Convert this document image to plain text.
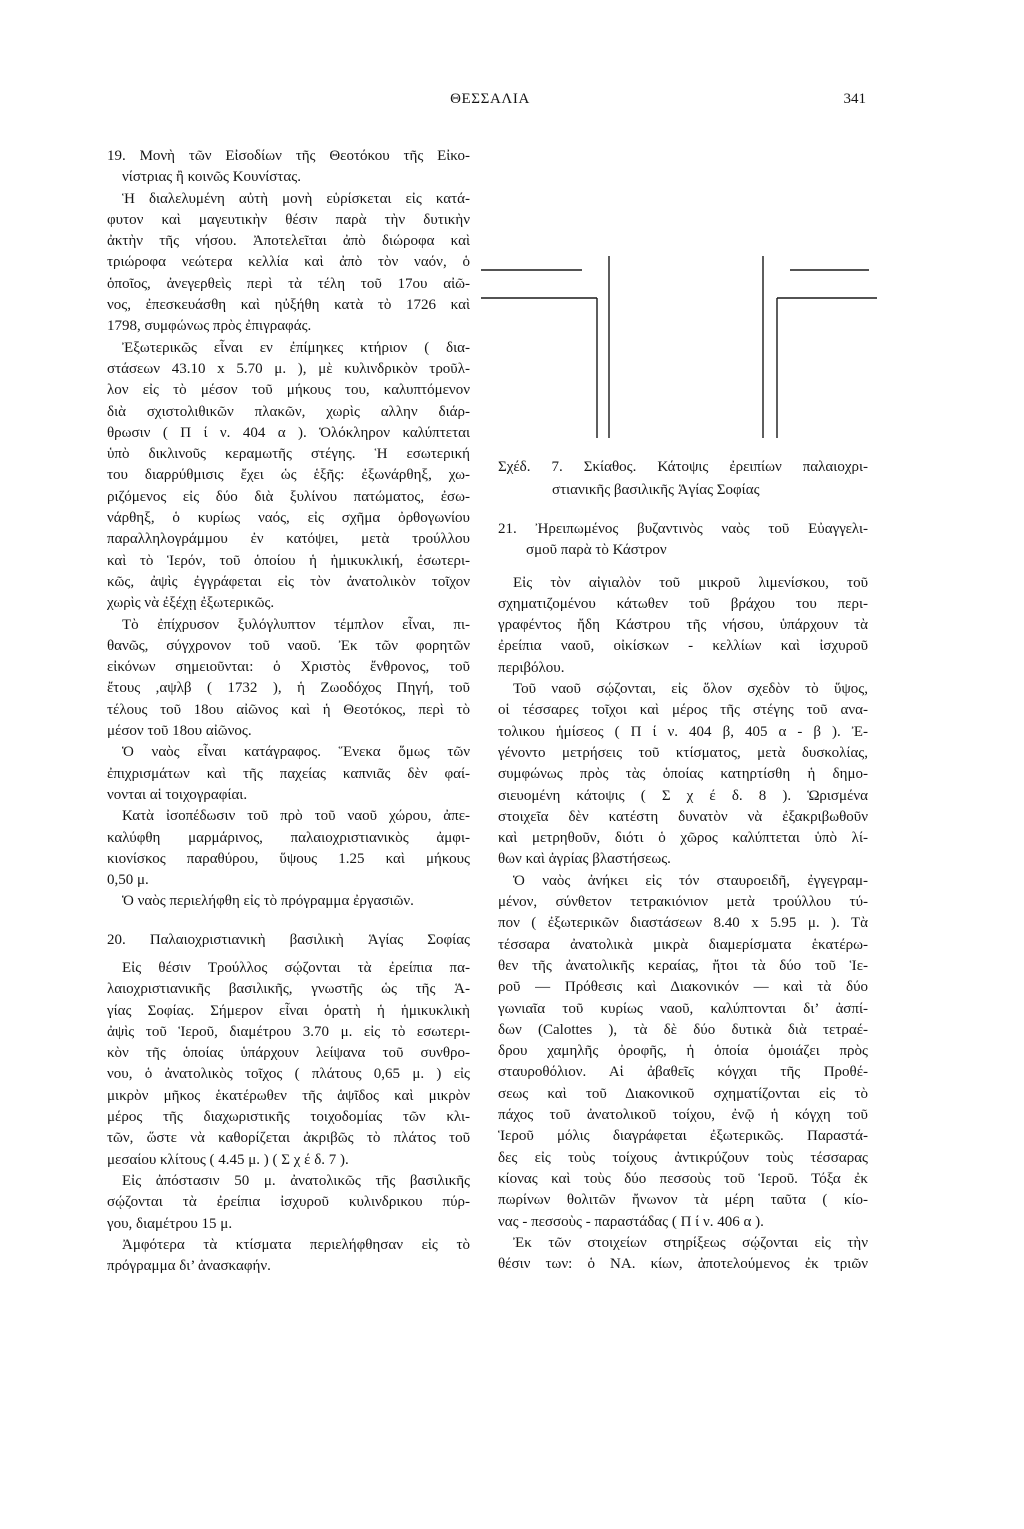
ΘΕΣΣΑΛΙΑ	341
19. Μονὴ τῶν Εἰσοδίων τῆς Θεοτόκου τῆς Εἰκο-
νίστριας ἢ κοινῶς Κουνίστας.
Ἡ διαλελυμένη αὐτὴ μονὴ εὑρίσκεται εἰς κατά-
φυτον καὶ μαγευτικὴν θέσιν παρὰ τὴν δυτικὴν
ἀκτὴν τῆς νήσου. Ἀποτελεῖται ἀπὸ διώροφα καὶ
τριώροφα νεώτερα κελλία καὶ ἀπὸ τὸν ναόν, ὁ
ὁποῖος, ἀνεγερθεὶς περὶ τὰ τέλη τοῦ 17ου αἰῶ-
νος, ἐπεσκευάσθη καὶ ηὐξήθη κατὰ τὸ 1726 καὶ
1798, συμφώνως πρὸς ἐπιγραφάς.
Ἐξωτερικῶς εἶναι εν ἐπίμηκες κτήριον ( δια-
στάσεων 43.10 x 5.70 μ. ), μὲ κυλινδρικὸν τροῦλ-
λον εἰς τὸ μέσον τοῦ μήκους του, καλυπτόμενον
διὰ σχιστολιθικῶν πλακῶν, χωρὶς αλλην διάρ-
θρωσιν ( Π ί ν. 404 α ). Ὁλόκληρον καλύπτεται
ὑπὸ δικλινοῦς κεραμωτῆς στέγης. Ἡ εσωτερική
του διαρρύθμισις ἔχει ὡς ἑξῆς: ἐξωνάρθηξ, χω-
ριζόμενος εἰς δύο διὰ ξυλίνου πατώματος, ἐσω-
νάρθηξ, ὁ κυρίως ναός, εἰς σχῆμα ὀρθογωνίου
παραλληλογράμμου ἐν κατόψει, μετὰ τρούλλου
καὶ τὸ Ἱερόν, τοῦ ὁποίου ἡ ἡμικυκλική, ἐσωτερι-
κῶς, ἀψὶς ἐγγράφεται εἰς τὸν ἀνατολικὸν τοῖχον
χωρὶς νὰ ἐξέχῃ ἐξωτερικῶς.
Τὸ ἐπίχρυσον ξυλόγλυπτον τέμπλον εἶναι, πι-
θανῶς, σύγχρονον τοῦ ναοῦ. Ἐκ τῶν φορητῶν
εἰκόνων σημειοῦνται: ὁ Χριστὸς ἔνθρονος, τοῦ
ἔτους ,αψλβ ( 1732 ), ἡ Ζωοδόχος Πηγή, τοῦ
τέλους τοῦ 18ου αἰῶνος καὶ ἡ Θεοτόκος, περὶ τὸ
μέσον τοῦ 18ου αἰῶνος.
Ὁ ναὸς εἶναι κατάγραφος. Ἕνεκα ὅμως τῶν
ἐπιχρισμάτων καὶ τῆς παχείας καπνιᾶς δὲν φαί-
νονται αἱ τοιχογραφίαι.
Κατὰ ἰσοπέδωσιν τοῦ πρὸ τοῦ ναοῦ χώρου, ἀπε-
καλύφθη μαρμάρινος, παλαιοχριστιανικὸς ἀμφι-
κιονίσκος παραθύρου, ὕψους 1.25 καὶ μήκους
0,50 μ.
Ὁ ναὸς περιελήφθη εἰς τὸ πρόγραμμα ἐργασιῶν.
20. Παλαιοχριστιανικὴ βασιλικὴ Ἁγίας Σοφίας
Εἰς θέσιν Τρούλλος σῴζονται τὰ ἐρείπια πα-
λαιοχριστιανικῆς βασιλικῆς, γνωστῆς ὡς τῆς Ἁ-
γίας Σοφίας. Σήμερον εἶναι ὁρατὴ ἡ ἡμικυκλικὴ
ἀψὶς τοῦ Ἱεροῦ, διαμέτρου 3.70 μ. εἰς τὸ εσωτερι-
κὸν τῆς ὁποίας ὑπάρχουν λείψανα τοῦ συνθρο-
νου, ὁ ἀνατολικὸς τοῖχος ( πλάτους 0,65 μ. ) εἰς
μικρὸν μῆκος ἑκατέρωθεν τῆς ἁψῖδος καὶ μικρὸν
μέρος τῆς διαχωριστικῆς τοιχοδομίας τῶν κλι-
τῶν, ὥστε νὰ καθορίζεται ἀκριβῶς τὸ πλάτος τοῦ
μεσαίου κλίτους ( 4.45 μ. ) ( Σ χ έ δ. 7 ).
Εἰς ἀπόστασιν 50 μ. ἀνατολικῶς τῆς βασιλικῆς
σῴζονται τὰ ἐρείπια ἰσχυροῦ κυλινδρικου πύρ-
γου, διαμέτρου 15 μ.
Ἀμφότερα τὰ κτίσματα περιελήφθησαν εἰς τὸ
πρόγραμμα δι’ ἀνασκαφήν.
Σχέδ. 7. Σκίαθος. Κάτοψις ἐρειπίων παλαιοχρι-
στιανικῆς βασιλικῆς Ἁγίας Σοφίας
21. Ἠρειπωμένος βυζαντινὸς ναὸς τοῦ Εὐαγγελι-
σμοῦ παρὰ τὸ Κάστρον
Εἰς τὸν αἰγιαλὸν τοῦ μικροῦ λιμενίσκου, τοῦ
σχηματιζομένου κάτωθεν τοῦ βράχου του περι-
γραφέντος ἤδη Κάστρου τῆς νήσου, ὑπάρχουν τὰ
ἐρείπια ναοῦ, οἰκίσκων - κελλίων καὶ ἰσχυροῦ
περιβόλου.
Τοῦ ναοῦ σῴζονται, εἰς ὅλον σχεδὸν τὸ ὕψος,
οἱ τέσσαρες τοῖχοι καὶ μέρος τῆς στέγης τοῦ ανα-
τολικου ἡμίσεος ( Π ί ν. 404 β, 405 α - β ). Ἐ-
γένοντο μετρήσεις τοῦ κτίσματος, μετὰ δυσκολίας,
συμφώνως πρὸς τὰς ὁποίας κατηρτίσθη ἡ δημο-
σιευομένη κάτοψις ( Σ χ έ δ. 8 ). Ὡρισμένα
στοιχεῖα δὲν κατέστη δυνατὸν νὰ ἐξακριβωθοῦν
καὶ μετρηθοῦν, διότι ὁ χῶρος καλύπτεται ὑπὸ λί-
θων καὶ ἀγρίας βλαστήσεως.
Ὁ ναὸς ἀνήκει εἰς τόν σταυροειδῆ, ἐγγεγραμ-
μένον, σύνθετον τετρακιόνιον μετὰ τρούλλου τύ-
πον ( ἐξωτερικῶν διαστάσεων 8.40 x 5.95 μ. ). Τὰ
τέσσαρα ἀνατολικὰ μικρὰ διαμερίσματα ἑκατέρω-
θεν τῆς ἀνατολικῆς κεραίας, ἤτοι τὰ δύο τοῦ Ἱε-
ροῦ — Πρόθεσις καὶ Διακονικόν — καὶ τὰ δύο
γωνιαῖα τοῦ κυρίως ναοῦ, καλύπτονται δι’ ἀσπί-
δων (Calottes ), τὰ δὲ δύο δυτικὰ διὰ τετραέ-
δρου χαμηλῆς ὀροφῆς, ἡ ὁποία ὁμοιάζει πρὸς
σταυροθόλιον. Αἱ ἀβαθεῖς κόγχαι τῆς Προθέ-
σεως καὶ τοῦ Διακονικοῦ σχηματίζονται εἰς τὸ
πάχος τοῦ ἀνατολικοῦ τοίχου, ἐνῷ ἡ κόγχη τοῦ
Ἱεροῦ μόλις διαγράφεται ἐξωτερικῶς. Παραστά-
δες εἰς τοὺς τοίχους ἀντικρύζουν τοὺς τέσσαρας
κίονας καὶ τοὺς δύο πεσσοὺς τοῦ Ἱεροῦ. Τόξα ἐκ
πωρίνων θολιτῶν ἤνωνον τὰ μέρη ταῦτα ( κίο-
νας - πεσσοὺς - παραστάδας ( Π ί ν. 406 α ).
Ἐκ τῶν στοιχείων στηρίξεως σῴζονται εἰς τὴν
θέσιν των: ὁ ΝΑ. κίων, ἀποτελούμενος ἐκ τριῶν
